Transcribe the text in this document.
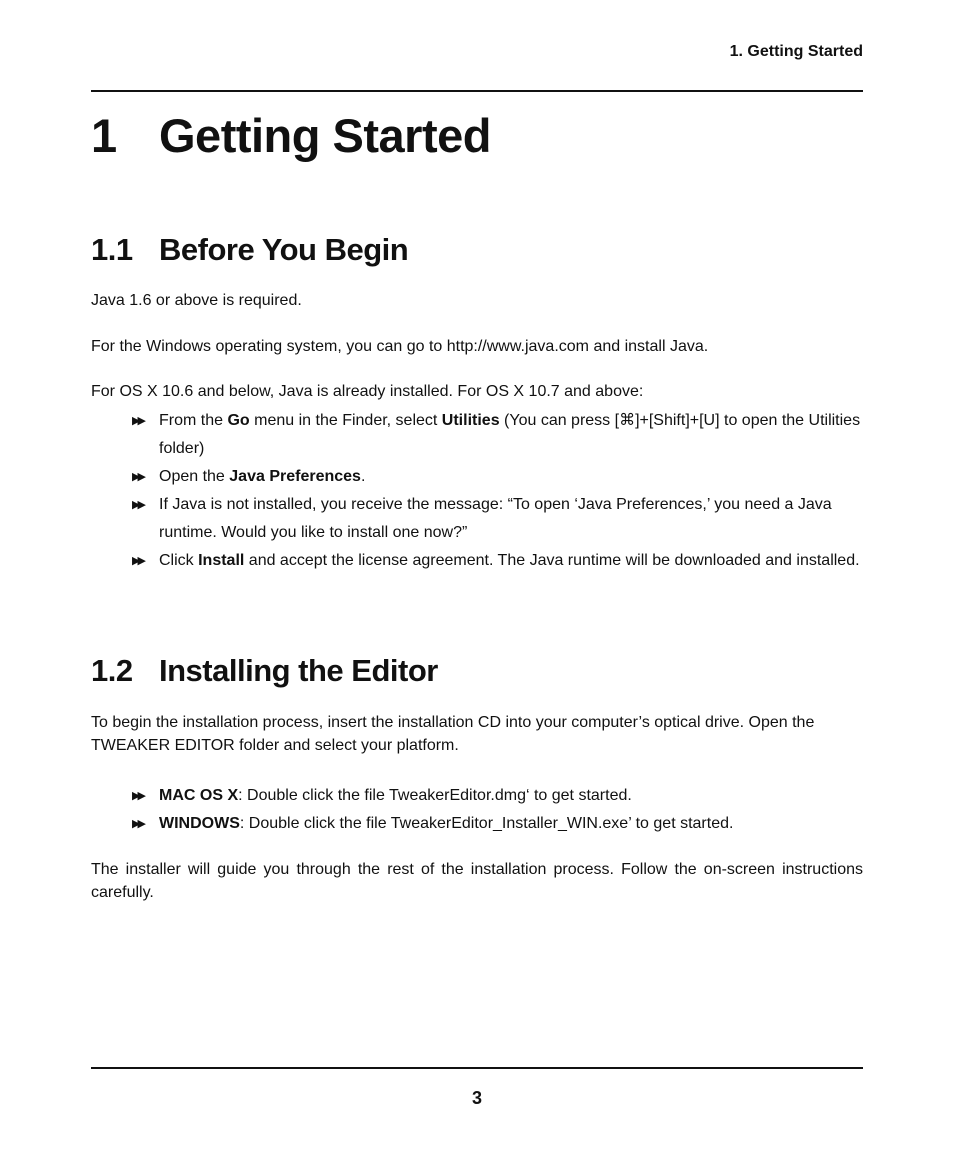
1. Getting Started
1 Getting Started
1.1 Before You Begin

Java 1.6 or above is required.

For the Windows operating system, you can go to http://www.java.com and install Java.

For OS X 10.6 and below, Java is already installed. For OS X 10.7 and above:

▶▶ From the Go menu in the Finder, select Utilities (You can press [⌘]+[Shift]+[U] to open the Utilities folder)
▶▶ Open the Java Preferences.
▶▶ If Java is not installed, you receive the message: “To open ‘Java Preferences,’ you need a Java runtime. Would you like to install one now?”
▶▶ Click Install and accept the license agreement. The Java runtime will be downloaded and installed.
1.2 Installing the Editor

To begin the installation process, insert the installation CD into your computer’s optical drive. Open the TWEAKER EDITOR folder and select your platform.

▶▶ MAC OS X: Double click the file TweakerEditor.dmg‘ to get started.
▶▶ WINDOWS: Double click the file TweakerEditor_Installer_WIN.exe’ to get started.

The installer will guide you through the rest of the installation process. Follow the on-screen instructions carefully.

3
